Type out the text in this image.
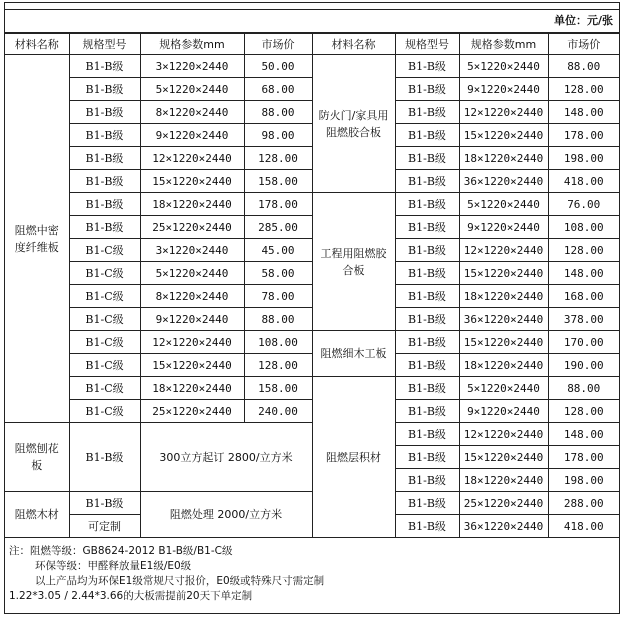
单位：元/张
材料名称	规格型号	规格参数mm	市场价	材料名称	规格型号	规格参数mm	市场价
阻燃中密度纤维板	B1-B级	3×1220×2440	50.00	防火门/家具用阻燃胶合板	B1-B级	5×1220×2440	88.00
	B1-B级	5×1220×2440	68.00		B1-B级	9×1220×2440	128.00
	B1-B级	8×1220×2440	88.00		B1-B级	12×1220×2440	148.00
	B1-B级	9×1220×2440	98.00		B1-B级	15×1220×2440	178.00
	B1-B级	12×1220×2440	128.00		B1-B级	18×1220×2440	198.00
	B1-B级	15×1220×2440	158.00		B1-B级	36×1220×2440	418.00
	B1-B级	18×1220×2440	178.00	工程用阻燃胶合板	B1-B级	5×1220×2440	76.00
	B1-B级	25×1220×2440	285.00		B1-B级	9×1220×2440	108.00
	B1-C级	3×1220×2440	45.00		B1-B级	12×1220×2440	128.00
	B1-C级	5×1220×2440	58.00		B1-B级	15×1220×2440	148.00
	B1-C级	8×1220×2440	78.00		B1-B级	18×1220×2440	168.00
	B1-C级	9×1220×2440	88.00		B1-B级	36×1220×2440	378.00
	B1-C级	12×1220×2440	108.00	阻燃细木工板	B1-B级	15×1220×2440	170.00
	B1-C级	15×1220×2440	128.00		B1-B级	18×1220×2440	190.00
	B1-C级	18×1220×2440	158.00	阻燃层积材	B1-B级	5×1220×2440	88.00
	B1-C级	25×1220×2440	240.00		B1-B级	9×1220×2440	128.00
阻燃刨花板	B1-B级	300立方起订 2800/立方米			B1-B级	12×1220×2440	148.00
					B1-B级	15×1220×2440	178.00
					B1-B级	18×1220×2440	198.00
阻燃木材	B1-B级	阻燃处理 2000/立方米			B1-B级	25×1220×2440	288.00
	可定制				B1-B级	36×1220×2440	418.00
注：阻燃等级：GB8624-2012 B1-B级/B1-C级
环保等级：甲醛释放量E1级/E0级
以上产品均为环保E1级常规尺寸报价，E0级或特殊尺寸需定制
1.22*3.05 / 2.44*3.66的大板需提前20天下单定制
